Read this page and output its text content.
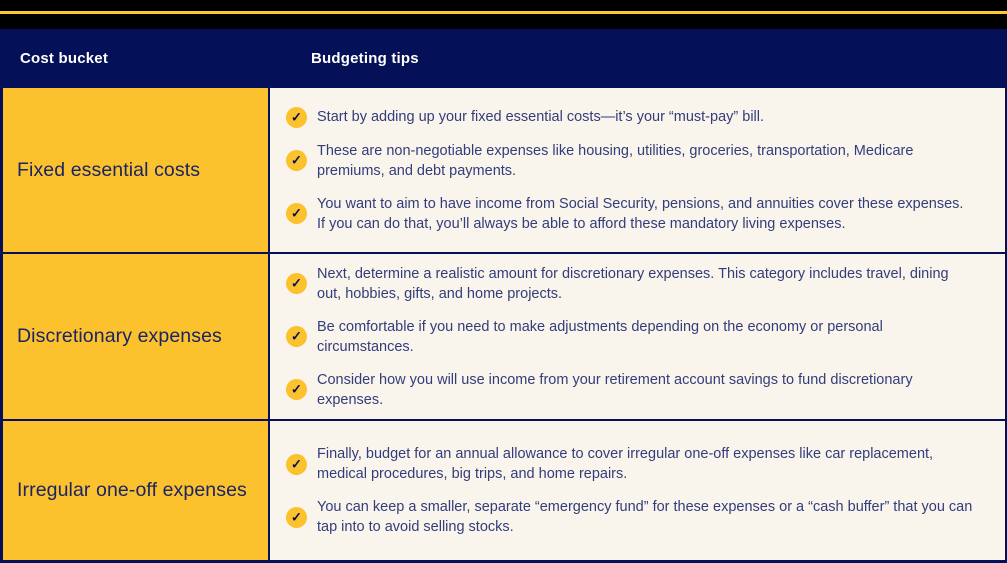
Cost bucket	Budgeting tips
Fixed essential costs
✓ Start by adding up your fixed essential costs—it’s your “must-pay” bill.

✓

These are non-negotiable expenses like housing, utilities, groceries, transportation, Medicare premiums, and debt payments.

✓

You want to aim to have income from Social Security, pensions, and annuities cover these expenses. If you can do that, you’ll always be able to afford these mandatory living expenses.

Discretionary expenses
✓

Next, determine a realistic amount for discretionary expenses. This category includes travel, dining out, hobbies, gifts, and home projects.

✓

Be comfortable if you need to make adjustments depending on the economy or personal circumstances.

✓

Consider how you will use income from your retirement account savings to fund discretionary expenses.

Irregular one-off expenses
✓

Finally, budget for an annual allowance to cover irregular one-off expenses like car replacement, medical procedures, big trips, and home repairs.

✓

You can keep a smaller, separate “emergency fund” for these expenses or a “cash buffer” that you can tap into to avoid selling stocks.
